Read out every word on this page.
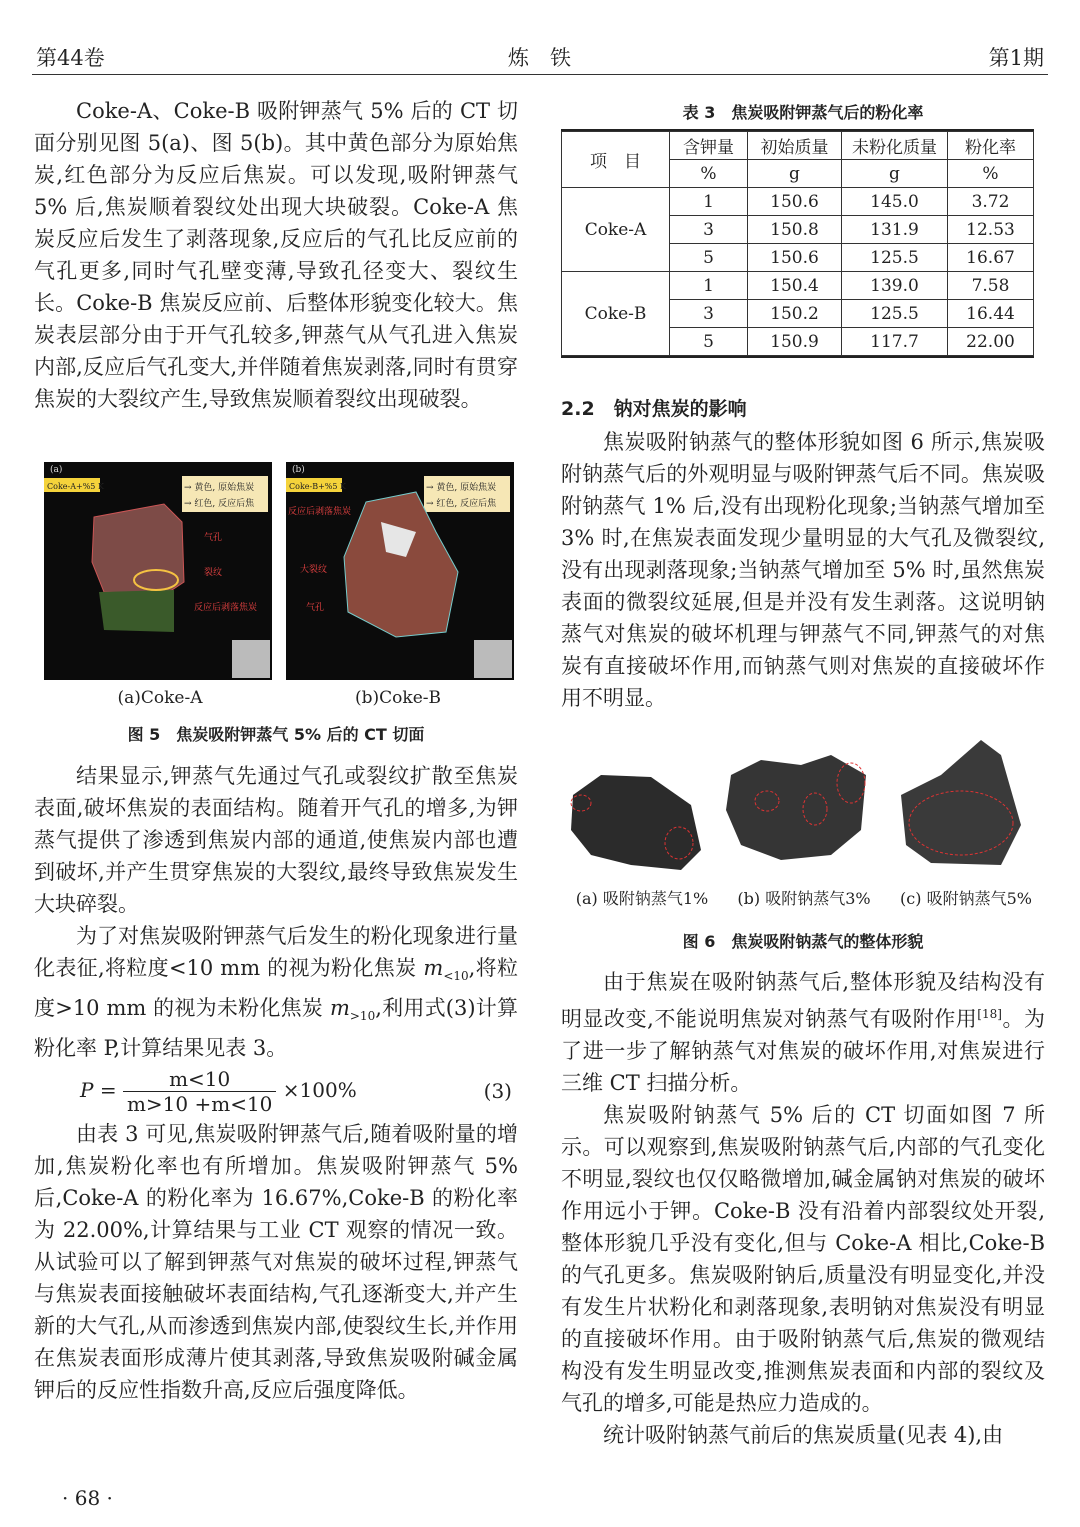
第44卷	炼　铁	第1期

Coke-A、Coke-B 吸附钾蒸气 5% 后的 CT 切面分别见图 5(a)、图 5(b)。其中黄色部分为原始焦炭,红色部分为反应后焦炭。可以发现,吸附钾蒸气 5% 后,焦炭顺着裂纹处出现大块破裂。Coke-A 焦炭反应后发生了剥落现象,反应后的气孔比反应前的气孔更多,同时气孔壁变薄,导致孔径变大、裂纹生长。Coke-B 焦炭反应前、后整体形貌变化较大。焦炭表层部分由于开气孔较多,钾蒸气从气孔进入焦炭内部,反应后气孔变大,并伴随着焦炭剥落,同时有贯穿焦炭的大裂纹产生,导致焦炭顺着裂纹出现破裂。

(a)
Coke-A+%5 K	→ 黄色, 原始焦炭
→ 红色, 反应后焦
气孔
裂纹
反应后剥落焦炭
(b)
Coke-B+%5 K	→ 黄色, 原始焦炭
→ 红色, 反应后焦
反应后剥落焦炭
大裂纹
气孔
(a)Coke-A	(b)Coke-B
图 5　焦炭吸附钾蒸气 5% 后的 CT 切面

结果显示,钾蒸气先通过气孔或裂纹扩散至焦炭表面,破坏焦炭的表面结构。随着开气孔的增多,为钾蒸气提供了渗透到焦炭内部的通道,使焦炭内部也遭到破坏,并产生贯穿焦炭的大裂纹,最终导致焦炭发生大块碎裂。

为了对焦炭吸附钾蒸气后发生的粉化现象进行量化表征,将粒度<10 mm 的视为粉化焦炭 $m_{<10}$,将粒度>10 mm 的视为未粉化焦炭 $m_{>10}$,利用式(3)计算粉化率 P,计算结果见表 3。

$P = \frac{m<10}{m>10 +m<10} \times 100\%$	(3)

由表 3 可见,焦炭吸附钾蒸气后,随着吸附量的增加,焦炭粉化率也有所增加。焦炭吸附钾蒸气 5% 后,Coke-A 的粉化率为 16.67%,Coke-B 的粉化率为 22.00%,计算结果与工业 CT 观察的情况一致。从试验可以了解到钾蒸气对焦炭的破坏过程,钾蒸气与焦炭表面接触破坏表面结构,气孔逐渐变大,并产生新的大气孔,从而渗透到焦炭内部,使裂纹生长,并作用在焦炭表面形成薄片使其剥落,导致焦炭吸附碱金属钾后的反应性指数升高,反应后强度降低。

表 3　焦炭吸附钾蒸气后的粉化率
项　目	含钾量	初始质量	未粉化质量	粉化率
	%	g	g	%
Coke-A	1	150.6	145.0	3.72
	3	150.8	131.9	12.53
	5	150.6	125.5	16.67
Coke-B	1	150.4	139.0	7.58
	3	150.2	125.5	16.44
	5	150.9	117.7	22.00
2.2　钠对焦炭的影响

焦炭吸附钠蒸气的整体形貌如图 6 所示,焦炭吸附钠蒸气后的外观明显与吸附钾蒸气后不同。焦炭吸附钠蒸气 1% 后,没有出现粉化现象;当钠蒸气增加至 3% 时,在焦炭表面发现少量明显的大气孔及微裂纹,没有出现剥落现象;当钠蒸气增加至 5% 时,虽然焦炭表面的微裂纹延展,但是并没有发生剥落。这说明钠蒸气对焦炭的破坏机理与钾蒸气不同,钾蒸气的对焦炭有直接破坏作用,而钠蒸气则对焦炭的直接破坏作用不明显。

(a) 吸附钠蒸气1%	(b) 吸附钠蒸气3%	(c) 吸附钠蒸气5%
图 6　焦炭吸附钠蒸气的整体形貌

由于焦炭在吸附钠蒸气后,整体形貌及结构没有明显改变,不能说明焦炭对钠蒸气有吸附作用[18]。为了进一步了解钠蒸气对焦炭的破坏作用,对焦炭进行三维 CT 扫描分析。

焦炭吸附钠蒸气 5% 后的 CT 切面如图 7 所示。可以观察到,焦炭吸附钠蒸气后,内部的气孔变化不明显,裂纹也仅仅略微增加,碱金属钠对焦炭的破坏作用远小于钾。Coke-B 没有沿着内部裂纹处开裂,整体形貌几乎没有变化,但与 Coke-A 相比,Coke-B 的气孔更多。焦炭吸附钠后,质量没有明显变化,并没有发生片状粉化和剥落现象,表明钠对焦炭没有明显的直接破坏作用。由于吸附钠蒸气后,焦炭的微观结构没有发生明显改变,推测焦炭表面和内部的裂纹及气孔的增多,可能是热应力造成的。

统计吸附钠蒸气前后的焦炭质量(见表 4),由

· 68 ·
